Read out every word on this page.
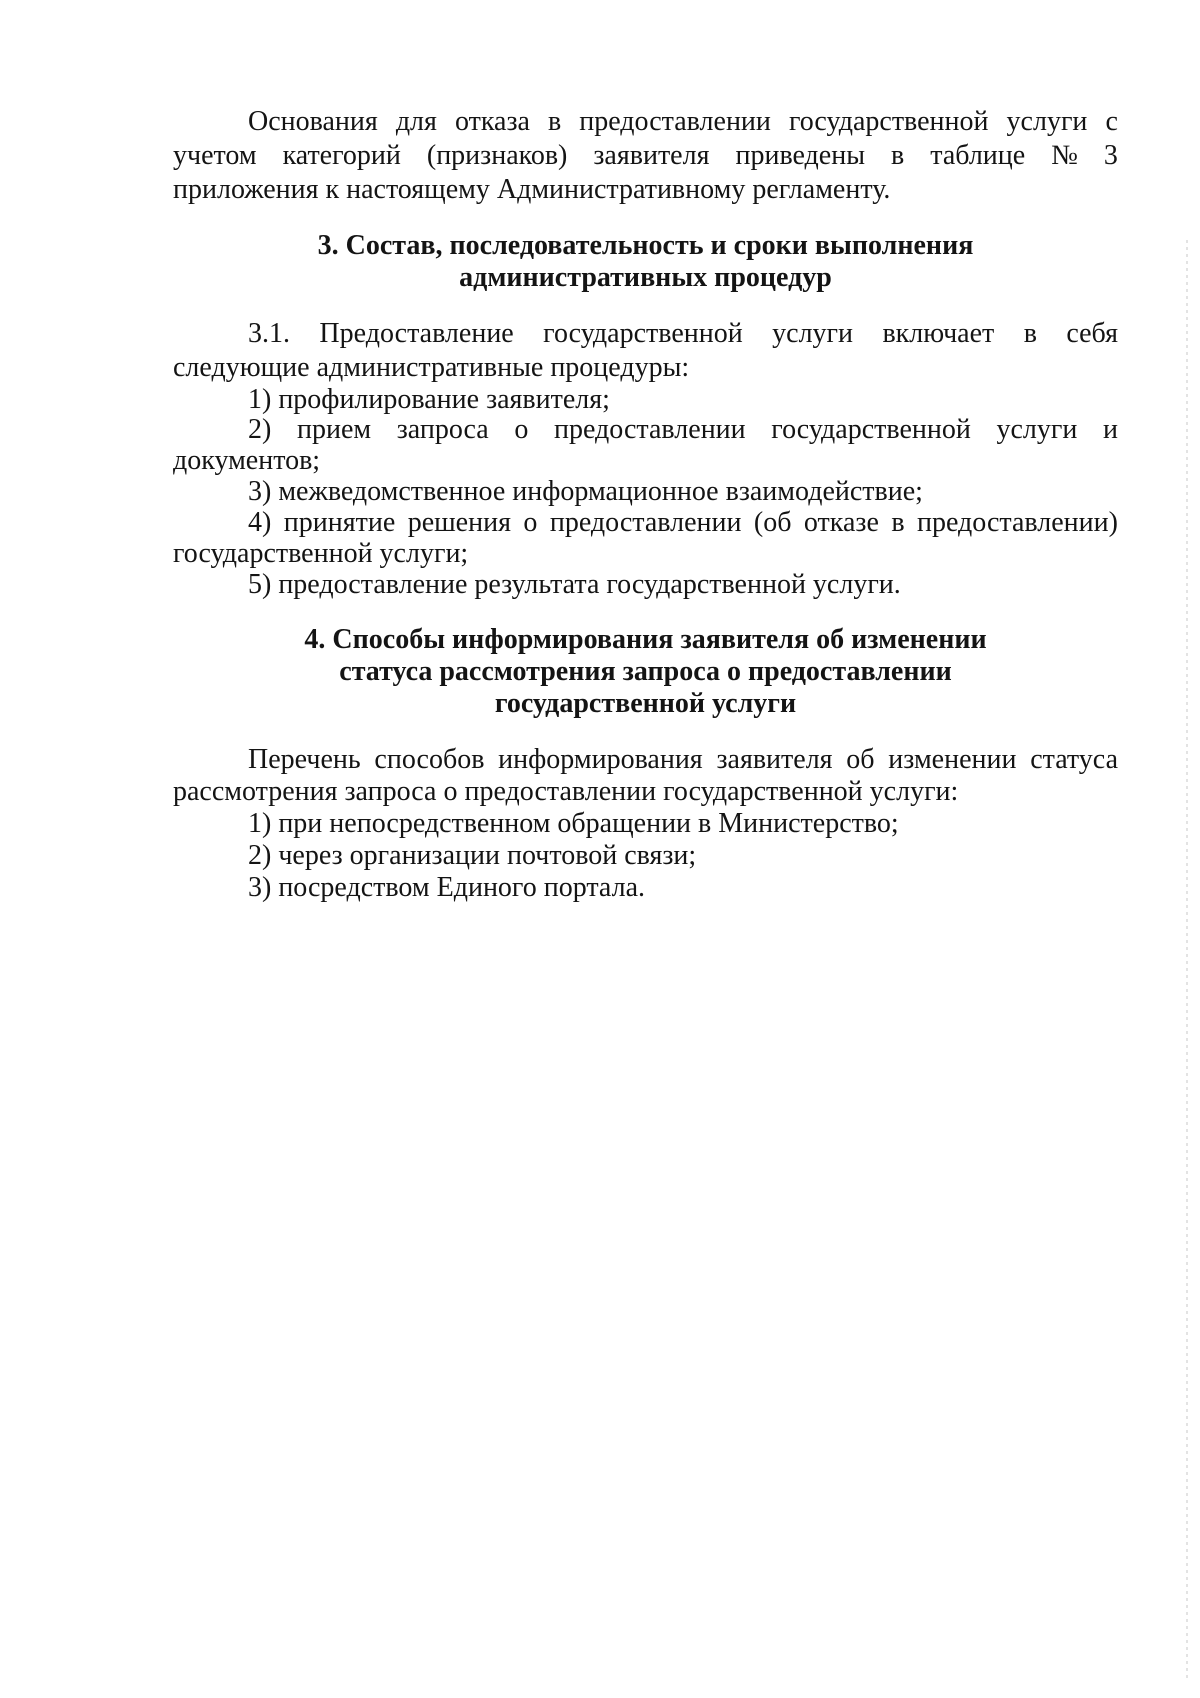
Основания для отказа в предоставлении государственной услуги с
учетом категорий (признаков) заявителя приведены в таблице № 3
приложения к настоящему Административному регламенту.
3. Состав, последовательность и сроки выполнения
административных процедур
3.1. Предоставление государственной услуги включает в себя
следующие административные процедуры:
1) профилирование заявителя;
2) прием запроса о предоставлении государственной услуги и
документов;
3) межведомственное информационное взаимодействие;
4) принятие решения о предоставлении (об отказе в предоставлении)
государственной услуги;
5) предоставление результата государственной услуги.
4. Способы информирования заявителя об изменении
статуса рассмотрения запроса о предоставлении
государственной услуги
Перечень способов информирования заявителя об изменении статуса
рассмотрения запроса о предоставлении государственной услуги:
1) при непосредственном обращении в Министерство;
2) через организации почтовой связи;
3) посредством Единого портала.
